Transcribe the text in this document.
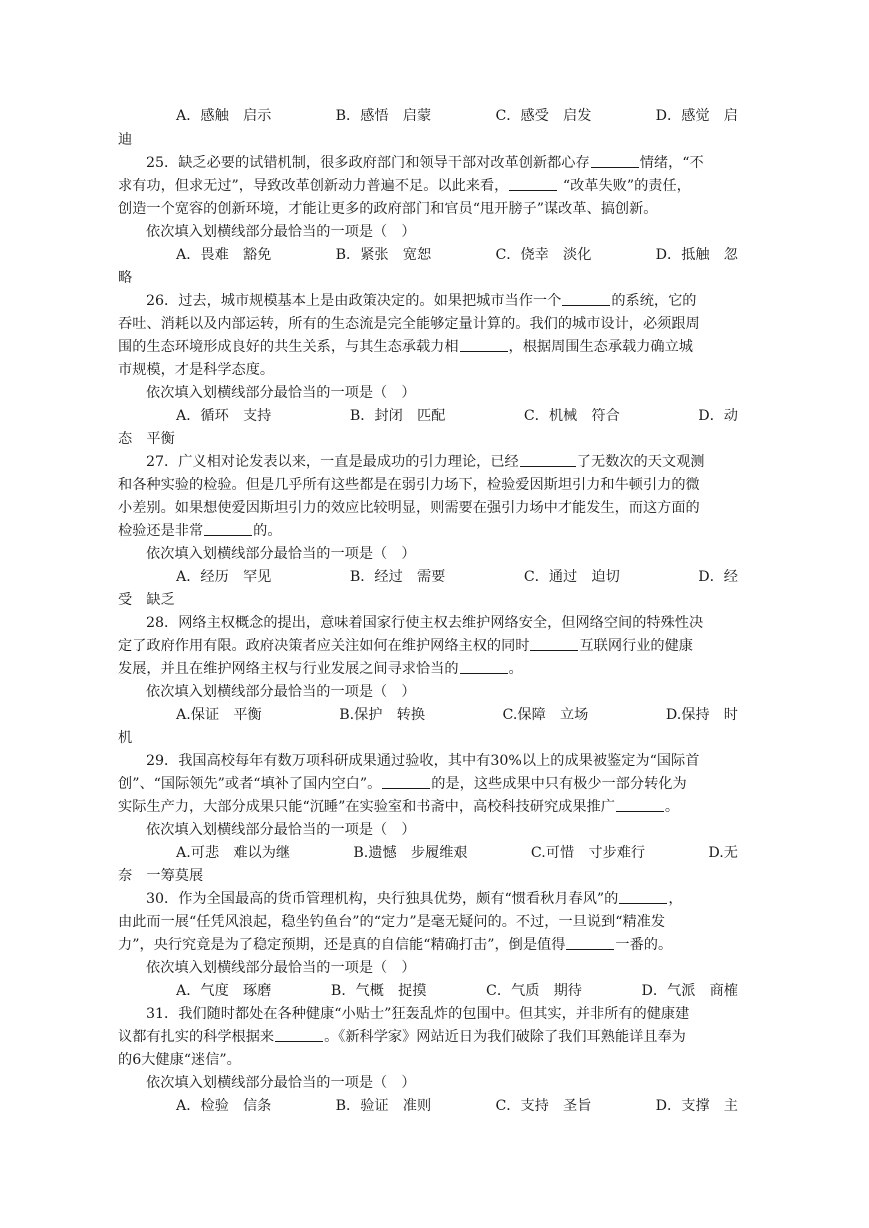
A．感触　启示	B．感悟　启蒙	C．感受　启发	D．感觉　启
迪
25．缺乏必要的试错机制，很多政府部门和领导干部对改革创新都心存	情绪，“不
求有功，但求无过”，导致改革创新动力普遍不足。以此来看，	“改革失败”的责任，
创造一个宽容的创新环境，才能让更多的政府部门和官员“甩开膀子”谋改革、搞创新。
依次填入划横线部分最恰当的一项是（　）
A．畏难　豁免	B．紧张　宽恕	C．侥幸　淡化	D．抵触　忽
略
26．过去，城市规模基本上是由政策决定的。如果把城市当作一个	的系统，它的
吞吐、消耗以及内部运转，所有的生态流是完全能够定量计算的。我们的城市设计，必须跟周
围的生态环境形成良好的共生关系，与其生态承载力相	，根据周围生态承载力确立城
市规模，才是科学态度。
依次填入划横线部分最恰当的一项是（　）
A．循环　支持	B．封闭　匹配	C．机械　符合	D．动
态　平衡
27．广义相对论发表以来，一直是最成功的引力理论，已经	了无数次的天文观测
和各种实验的检验。但是几乎所有这些都是在弱引力场下，检验爱因斯坦引力和牛顿引力的微
小差别。如果想使爱因斯坦引力的效应比较明显，则需要在强引力场中才能发生，而这方面的
检验还是非常	的。
依次填入划横线部分最恰当的一项是（　）
A．经历　罕见	B．经过　需要	C．通过　迫切	D．经
受　缺乏
28．网络主权概念的提出，意味着国家行使主权去维护网络安全，但网络空间的特殊性决
定了政府作用有限。政府决策者应关注如何在维护网络主权的同时	互联网行业的健康
发展，并且在维护网络主权与行业发展之间寻求恰当的	。
依次填入划横线部分最恰当的一项是（　）
A.保证　平衡	B.保护　转换	C.保障　立场	D.保持　时
机
29．我国高校每年有数万项科研成果通过验收，其中有30%以上的成果被鉴定为“国际首
创”、“国际领先”或者“填补了国内空白”。	的是，这些成果中只有极少一部分转化为
实际生产力，大部分成果只能“沉睡”在实验室和书斋中，高校科技研究成果推广	。
依次填入划横线部分最恰当的一项是（　）
A.可悲　难以为继	B.遗憾　步履维艰	C.可惜　寸步难行	D.无
奈　一筹莫展
30．作为全国最高的货币管理机构，央行独具优势，颇有“惯看秋月春风”的	，
由此而一展“任凭风浪起，稳坐钓鱼台”的“定力”是毫无疑问的。不过，一旦说到“精准发
力”，央行究竟是为了稳定预期，还是真的自信能“精确打击”，倒是值得	一番的。
依次填入划横线部分最恰当的一项是（　）
A．气度　琢磨	B．气概　捉摸	C．气质　期待	D．气派　商榷
31．我们随时都处在各种健康“小贴士”狂轰乱炸的包围中。但其实，并非所有的健康建
议都有扎实的科学根据来	。《新科学家》网站近日为我们破除了我们耳熟能详且奉为
的6大健康“迷信”。
依次填入划横线部分最恰当的一项是（　）
A．检验　信条	B．验证　准则	C．支持　圣旨	D．支撑　主
